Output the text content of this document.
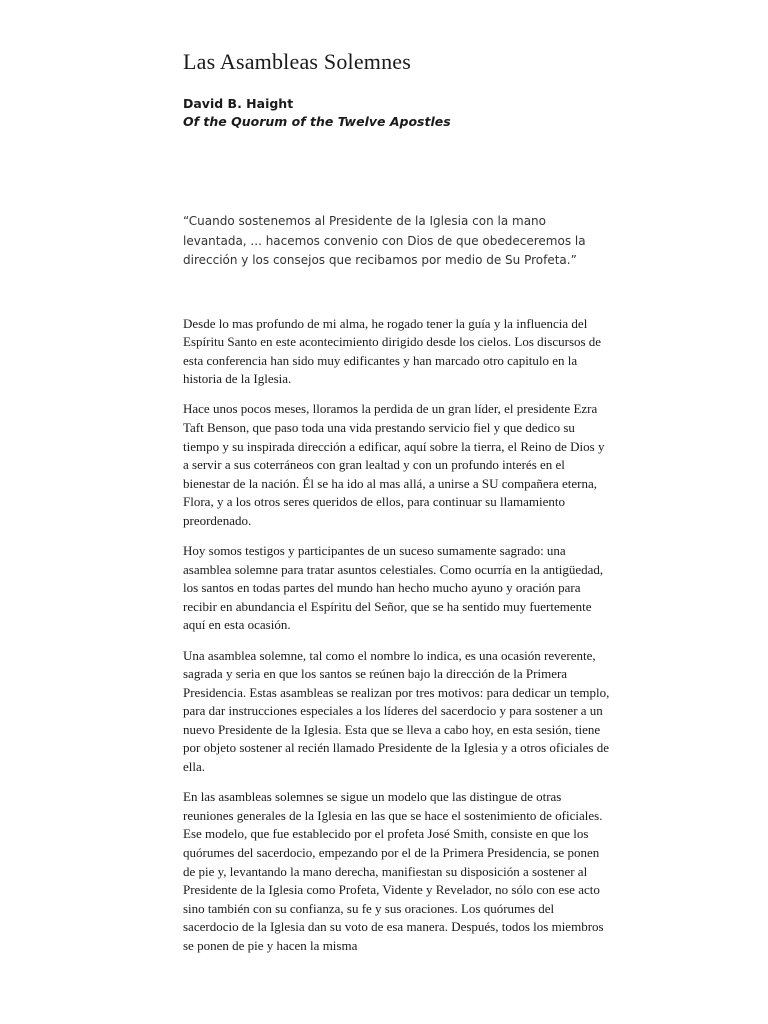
Las Asambleas Solemnes
David B. Haight
Of the Quorum of the Twelve Apostles
“Cuando sostenemos al Presidente de la Iglesia con la mano levantada, ... hacemos convenio con Dios de que obedeceremos la dirección y los consejos que recibamos por medio de Su Profeta.”

Desde lo mas profundo de mi alma, he rogado tener la guía y la influencia del Espíritu Santo en este acontecimiento dirigido desde los cielos. Los discursos de esta conferencia han sido muy edificantes y han marcado otro capitulo en la historia de la Iglesia.

Hace unos pocos meses, lloramos la perdida de un gran líder, el presidente Ezra Taft Benson, que paso toda una vida prestando servicio fiel y que dedico su tiempo y su inspirada dirección a edificar, aquí sobre la tierra, el Reino de Dios y a servir a sus coterráneos con gran lealtad y con un profundo interés en el bienestar de la nación. Él se ha ido al mas allá, a unirse a SU compañera eterna, Flora, y a los otros seres queridos de ellos, para continuar su llamamiento preordenado.

Hoy somos testigos y participantes de un suceso sumamente sagrado: una asamblea solemne para tratar asuntos celestiales. Como ocurría en la antigüedad, los santos en todas partes del mundo han hecho mucho ayuno y oración para recibir en abundancia el Espíritu del Señor, que se ha sentido muy fuertemente aquí en esta ocasión.

Una asamblea solemne, tal como el nombre lo indica, es una ocasión reverente, sagrada y seria en que los santos se reúnen bajo la dirección de la Primera Presidencia. Estas asambleas se realizan por tres motivos: para dedicar un templo, para dar instrucciones especiales a los líderes del sacerdocio y para sostener a un nuevo Presidente de la Iglesia. Esta que se lleva a cabo hoy, en esta sesión, tiene por objeto sostener al recién llamado Presidente de la Iglesia y a otros oficiales de ella.

En las asambleas solemnes se sigue un modelo que las distingue de otras reuniones generales de la Iglesia en las que se hace el sostenimiento de oficiales. Ese modelo, que fue establecido por el profeta José Smith, consiste en que los quórumes del sacerdocio, empezando por el de la Primera Presidencia, se ponen de pie y, levantando la mano derecha, manifiestan su disposición a sostener al Presidente de la Iglesia como Profeta, Vidente y Revelador, no sólo con ese acto sino también con su confianza, su fe y sus oraciones. Los quórumes del sacerdocio de la Iglesia dan su voto de esa manera. Después, todos los miembros se ponen de pie y hacen la misma
